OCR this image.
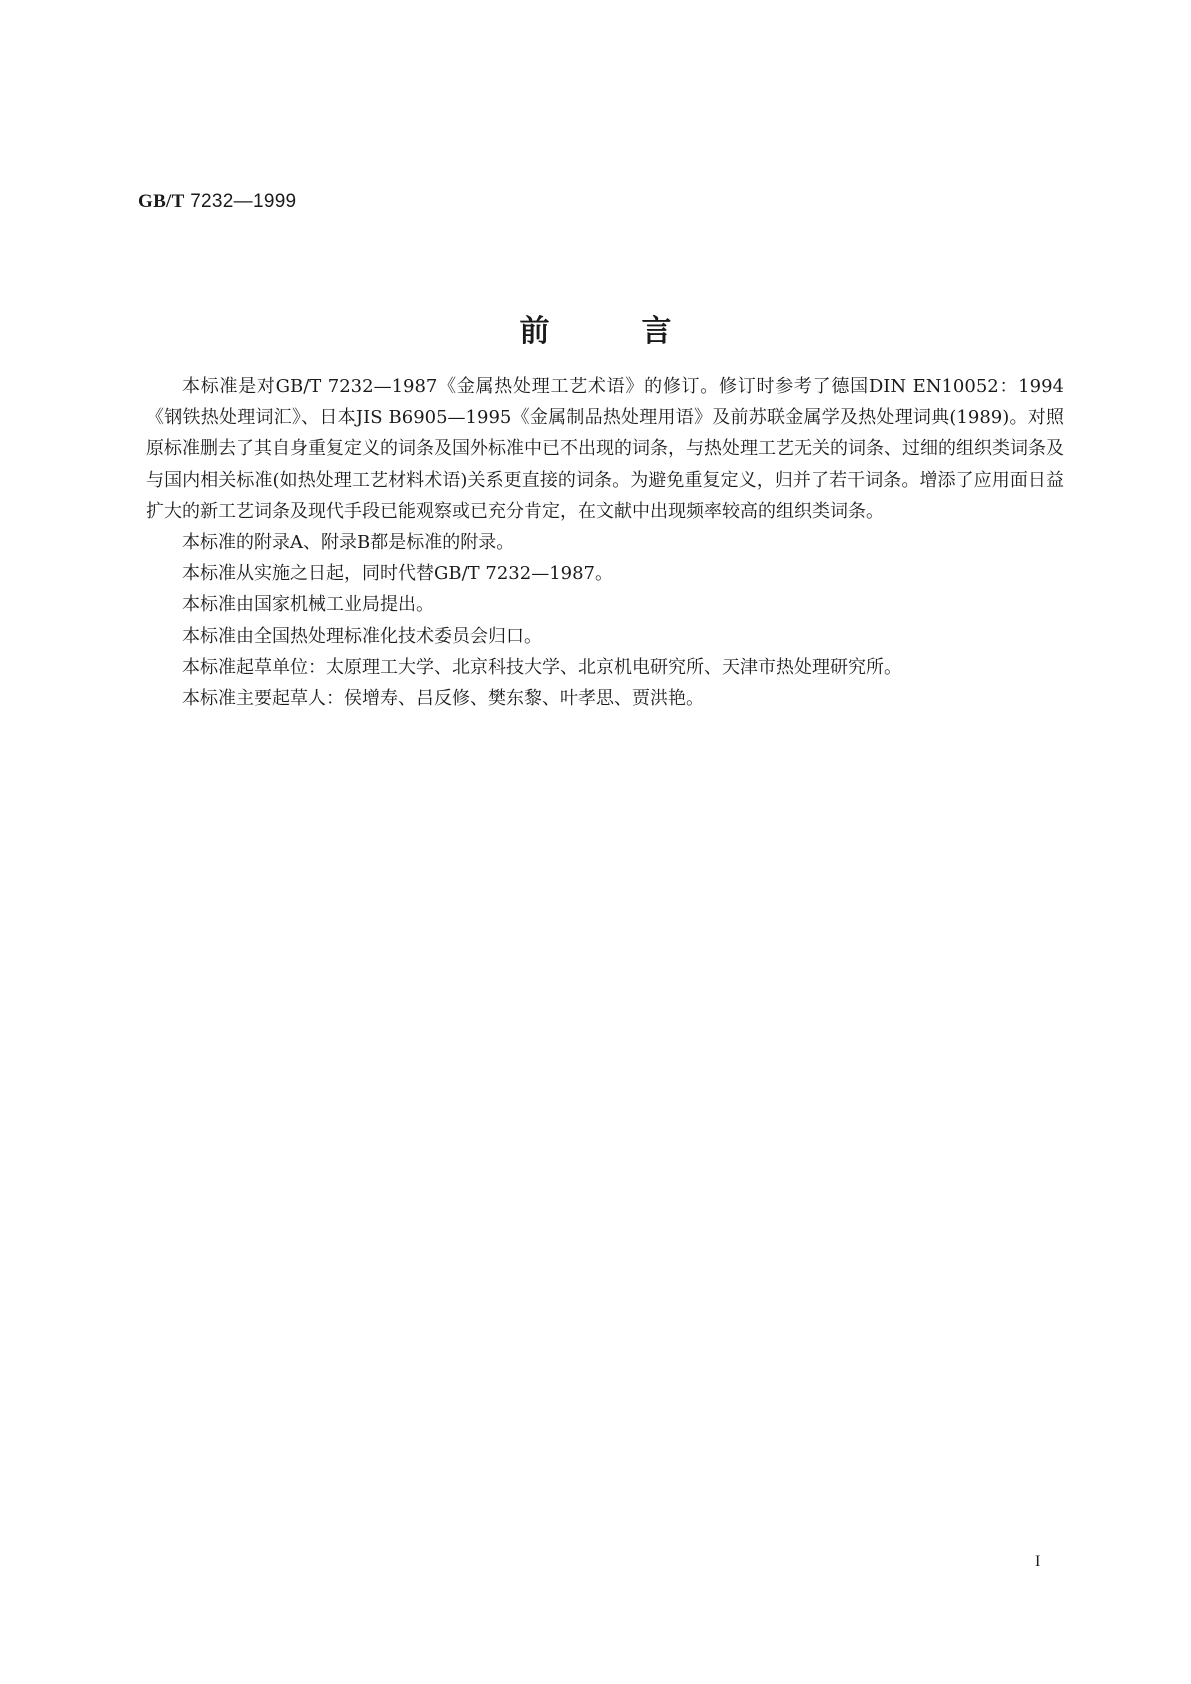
GB/T 7232—1999
前	言

本标准是对GB/T 7232—1987《金属热处理工艺术语》的修订。修订时参考了德国DIN EN10052：1994《钢铁热处理词汇》、日本JIS B6905—1995《金属制品热处理用语》及前苏联金属学及热处理词典(1989)。对照原标准删去了其自身重复定义的词条及国外标准中已不出现的词条，与热处理工艺无关的词条、过细的组织类词条及与国内相关标准(如热处理工艺材料术语)关系更直接的词条。为避免重复定义，归并了若干词条。增添了应用面日益扩大的新工艺词条及现代手段已能观察或已充分肯定，在文献中出现频率较高的组织类词条。

本标准的附录A、附录B都是标准的附录。

本标准从实施之日起，同时代替GB/T 7232—1987。

本标准由国家机械工业局提出。

本标准由全国热处理标准化技术委员会归口。

本标准起草单位：太原理工大学、北京科技大学、北京机电研究所、天津市热处理研究所。

本标准主要起草人：侯增寿、吕反修、樊东黎、叶孝思、贾洪艳。

I
